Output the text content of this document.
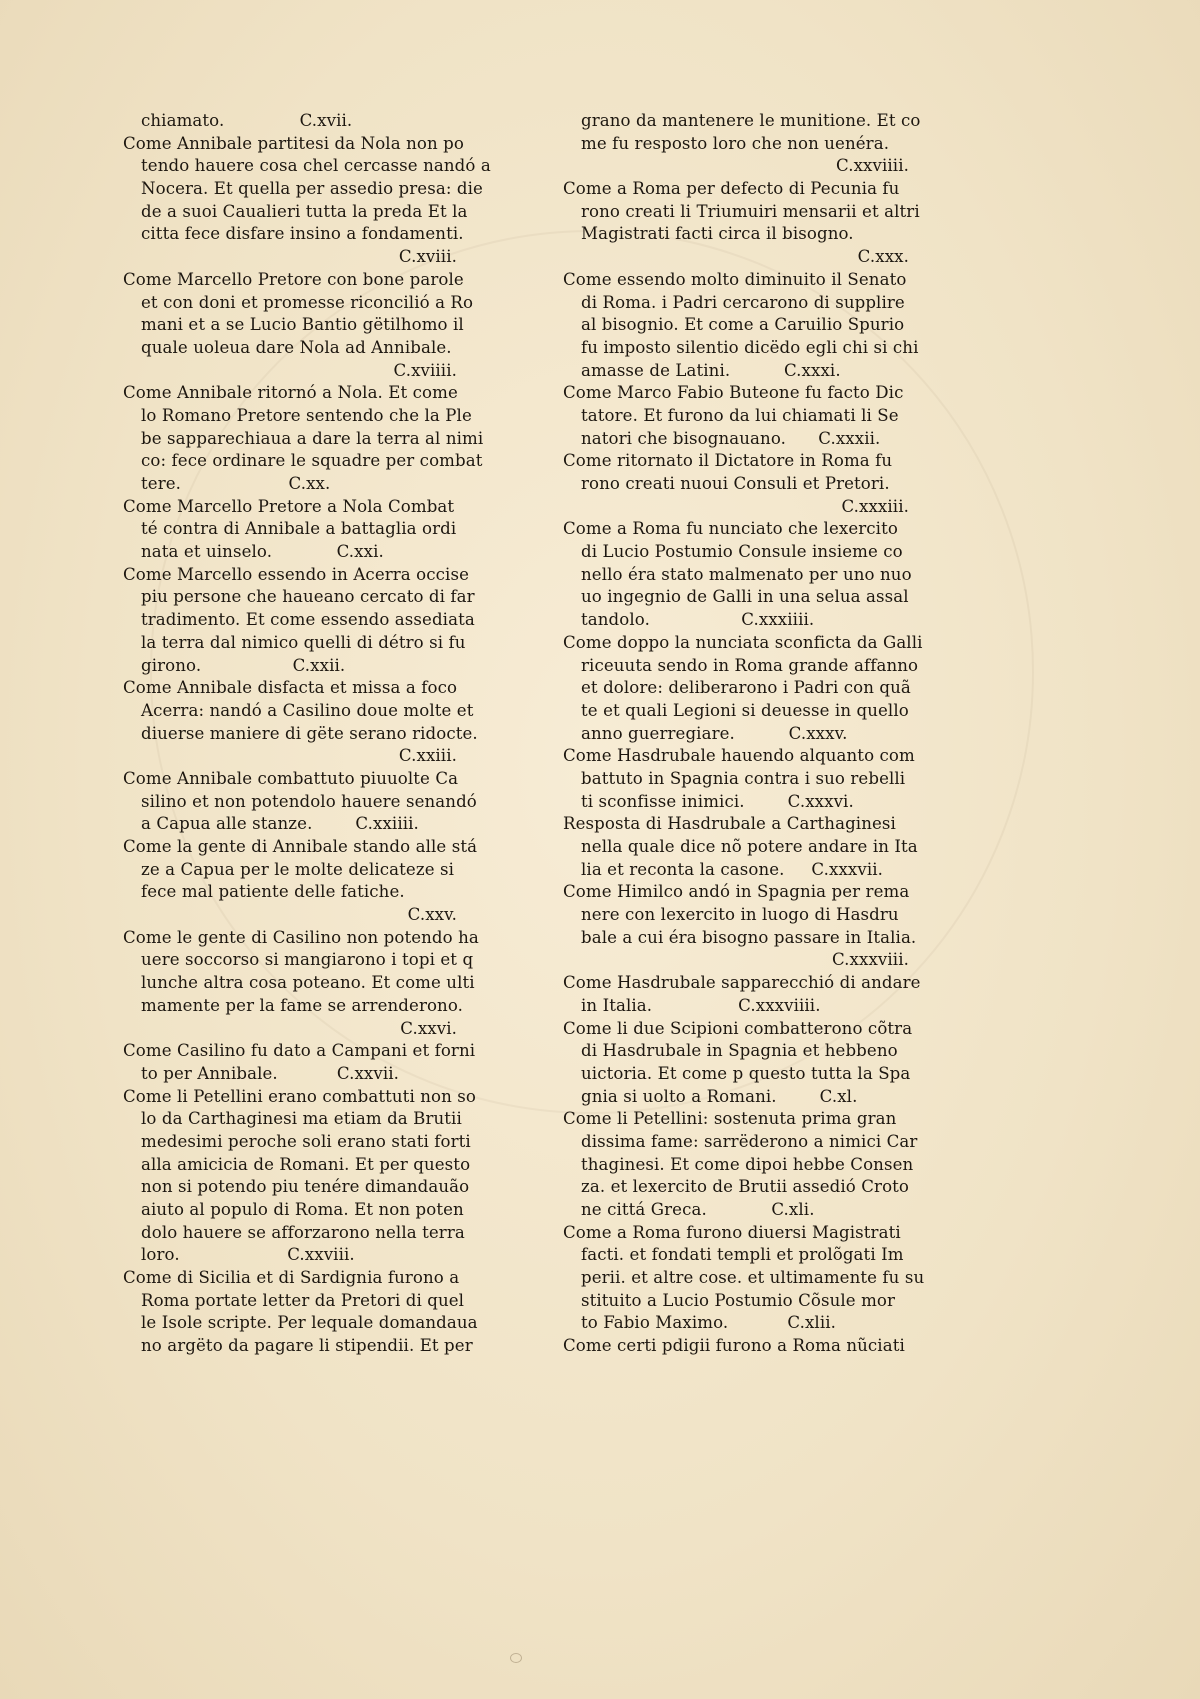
chiamato.              C.xvii.
Come Annibale partitesi da Nola non po
tendo hauere cosa chel cercasse nandó a
Nocera. Et quella per assedio presa: die
de a suoi Caualieri tutta la preda Et la
citta fece disfare insino a fondamenti.
C.xviii.
Come Marcello Pretore con bone parole
et con doni et promesse riconcilió a Ro
mani et a se Lucio Bantio gëtilhomo il
quale uoleua dare Nola ad Annibale.
C.xviiii.
Come Annibale ritornó a Nola. Et come
lo Romano Pretore sentendo che la Ple
be sapparechiaua a dare la terra al nimi
co: fece ordinare le squadre per combat
tere.                    C.xx.
Come Marcello Pretore a Nola Combat
té contra di Annibale a battaglia ordi
nata et uinselo.            C.xxi.
Come Marcello essendo in Acerra occise
piu persone che haueano cercato di far
tradimento. Et come essendo assediata
la terra dal nimico quelli di détro si fu
girono.                 C.xxii.
Come Annibale disfacta et missa a foco
Acerra: nandó a Casilino doue molte et
diuerse maniere di gëte serano ridocte.
C.xxiii.
Come Annibale combattuto piuuolte Ca
silino et non potendolo hauere senandó
a Capua alle stanze.        C.xxiiii.
Come la gente di Annibale stando alle stá
ze a Capua per le molte delicateze si
fece mal patiente delle fatiche.
C.xxv.
Come le gente di Casilino non potendo ha
uere soccorso si mangiarono i topi et q
lunche altra cosa poteano. Et come ulti
mamente per la fame se arrenderono.
C.xxvi.
Come Casilino fu dato a Campani et forni
to per Annibale.           C.xxvii.
Come li Petellini erano combattuti non so
lo da Carthaginesi ma etiam da Brutii
medesimi peroche soli erano stati forti
alla amicicia de Romani. Et per questo
non si potendo piu tenére dimandauão
aiuto al populo di Roma. Et non poten
dolo hauere se afforzarono nella terra
loro.                    C.xxviii.
Come di Sicilia et di Sardignia furono a
Roma portate letter da Pretori di quel
le Isole scripte. Per lequale domandaua
no argëto da pagare li stipendii. Et per
grano da mantenere le munitione. Et co
me fu resposto loro che non uenéra.
C.xxviiii.
Come a Roma per defecto di Pecunia fu
rono creati li Triumuiri mensarii et altri
Magistrati facti circa il bisogno.
C.xxx.
Come essendo molto diminuito il Senato
di Roma. i Padri cercarono di supplire
al bisognio. Et come a Caruilio Spurio
fu imposto silentio dicëdo egli chi si chi
amasse de Latini.          C.xxxi.
Come Marco Fabio Buteone fu facto Dic
tatore. Et furono da lui chiamati li Se
natori che bisognauano.      C.xxxii.
Come ritornato il Dictatore in Roma fu
rono creati nuoui Consuli et Pretori.
C.xxxiii.
Come a Roma fu nunciato che lexercito
di Lucio Postumio Consule insieme co
nello éra stato malmenato per uno nuo
uo ingegnio de Galli in una selua assal
tandolo.                 C.xxxiiii.
Come doppo la nunciata sconficta da Galli
riceuuta sendo in Roma grande affanno
et dolore: deliberarono i Padri con quã
te et quali Legioni si deuesse in quello
anno guerregiare.          C.xxxv.
Come Hasdrubale hauendo alquanto com
battuto in Spagnia contra i suo rebelli
ti sconfisse inimici.        C.xxxvi.
Resposta di Hasdrubale a Carthaginesi
nella quale dice nõ potere andare in Ita
lia et reconta la casone.     C.xxxvii.
Come Himilco andó in Spagnia per rema
nere con lexercito in luogo di Hasdru
bale a cui éra bisogno passare in Italia.
C.xxxviii.
Come Hasdrubale sapparecchió di andare
in Italia.                C.xxxviiii.
Come li due Scipioni combatterono cõtra
di Hasdrubale in Spagnia et hebbeno
uictoria. Et come p questo tutta la Spa
gnia si uolto a Romani.        C.xl.
Come li Petellini: sostenuta prima gran
dissima fame: sarrëderono a nimici Car
thaginesi. Et come dipoi hebbe Consen
za. et lexercito de Brutii assedió Croto
ne cittá Greca.            C.xli.
Come a Roma furono diuersi Magistrati
facti. et fondati templi et prolõgati Im
perii. et altre cose. et ultimamente fu su
stituito a Lucio Postumio Cõsule mor
to Fabio Maximo.           C.xlii.
Come certi pdigii furono a Roma nũciati
